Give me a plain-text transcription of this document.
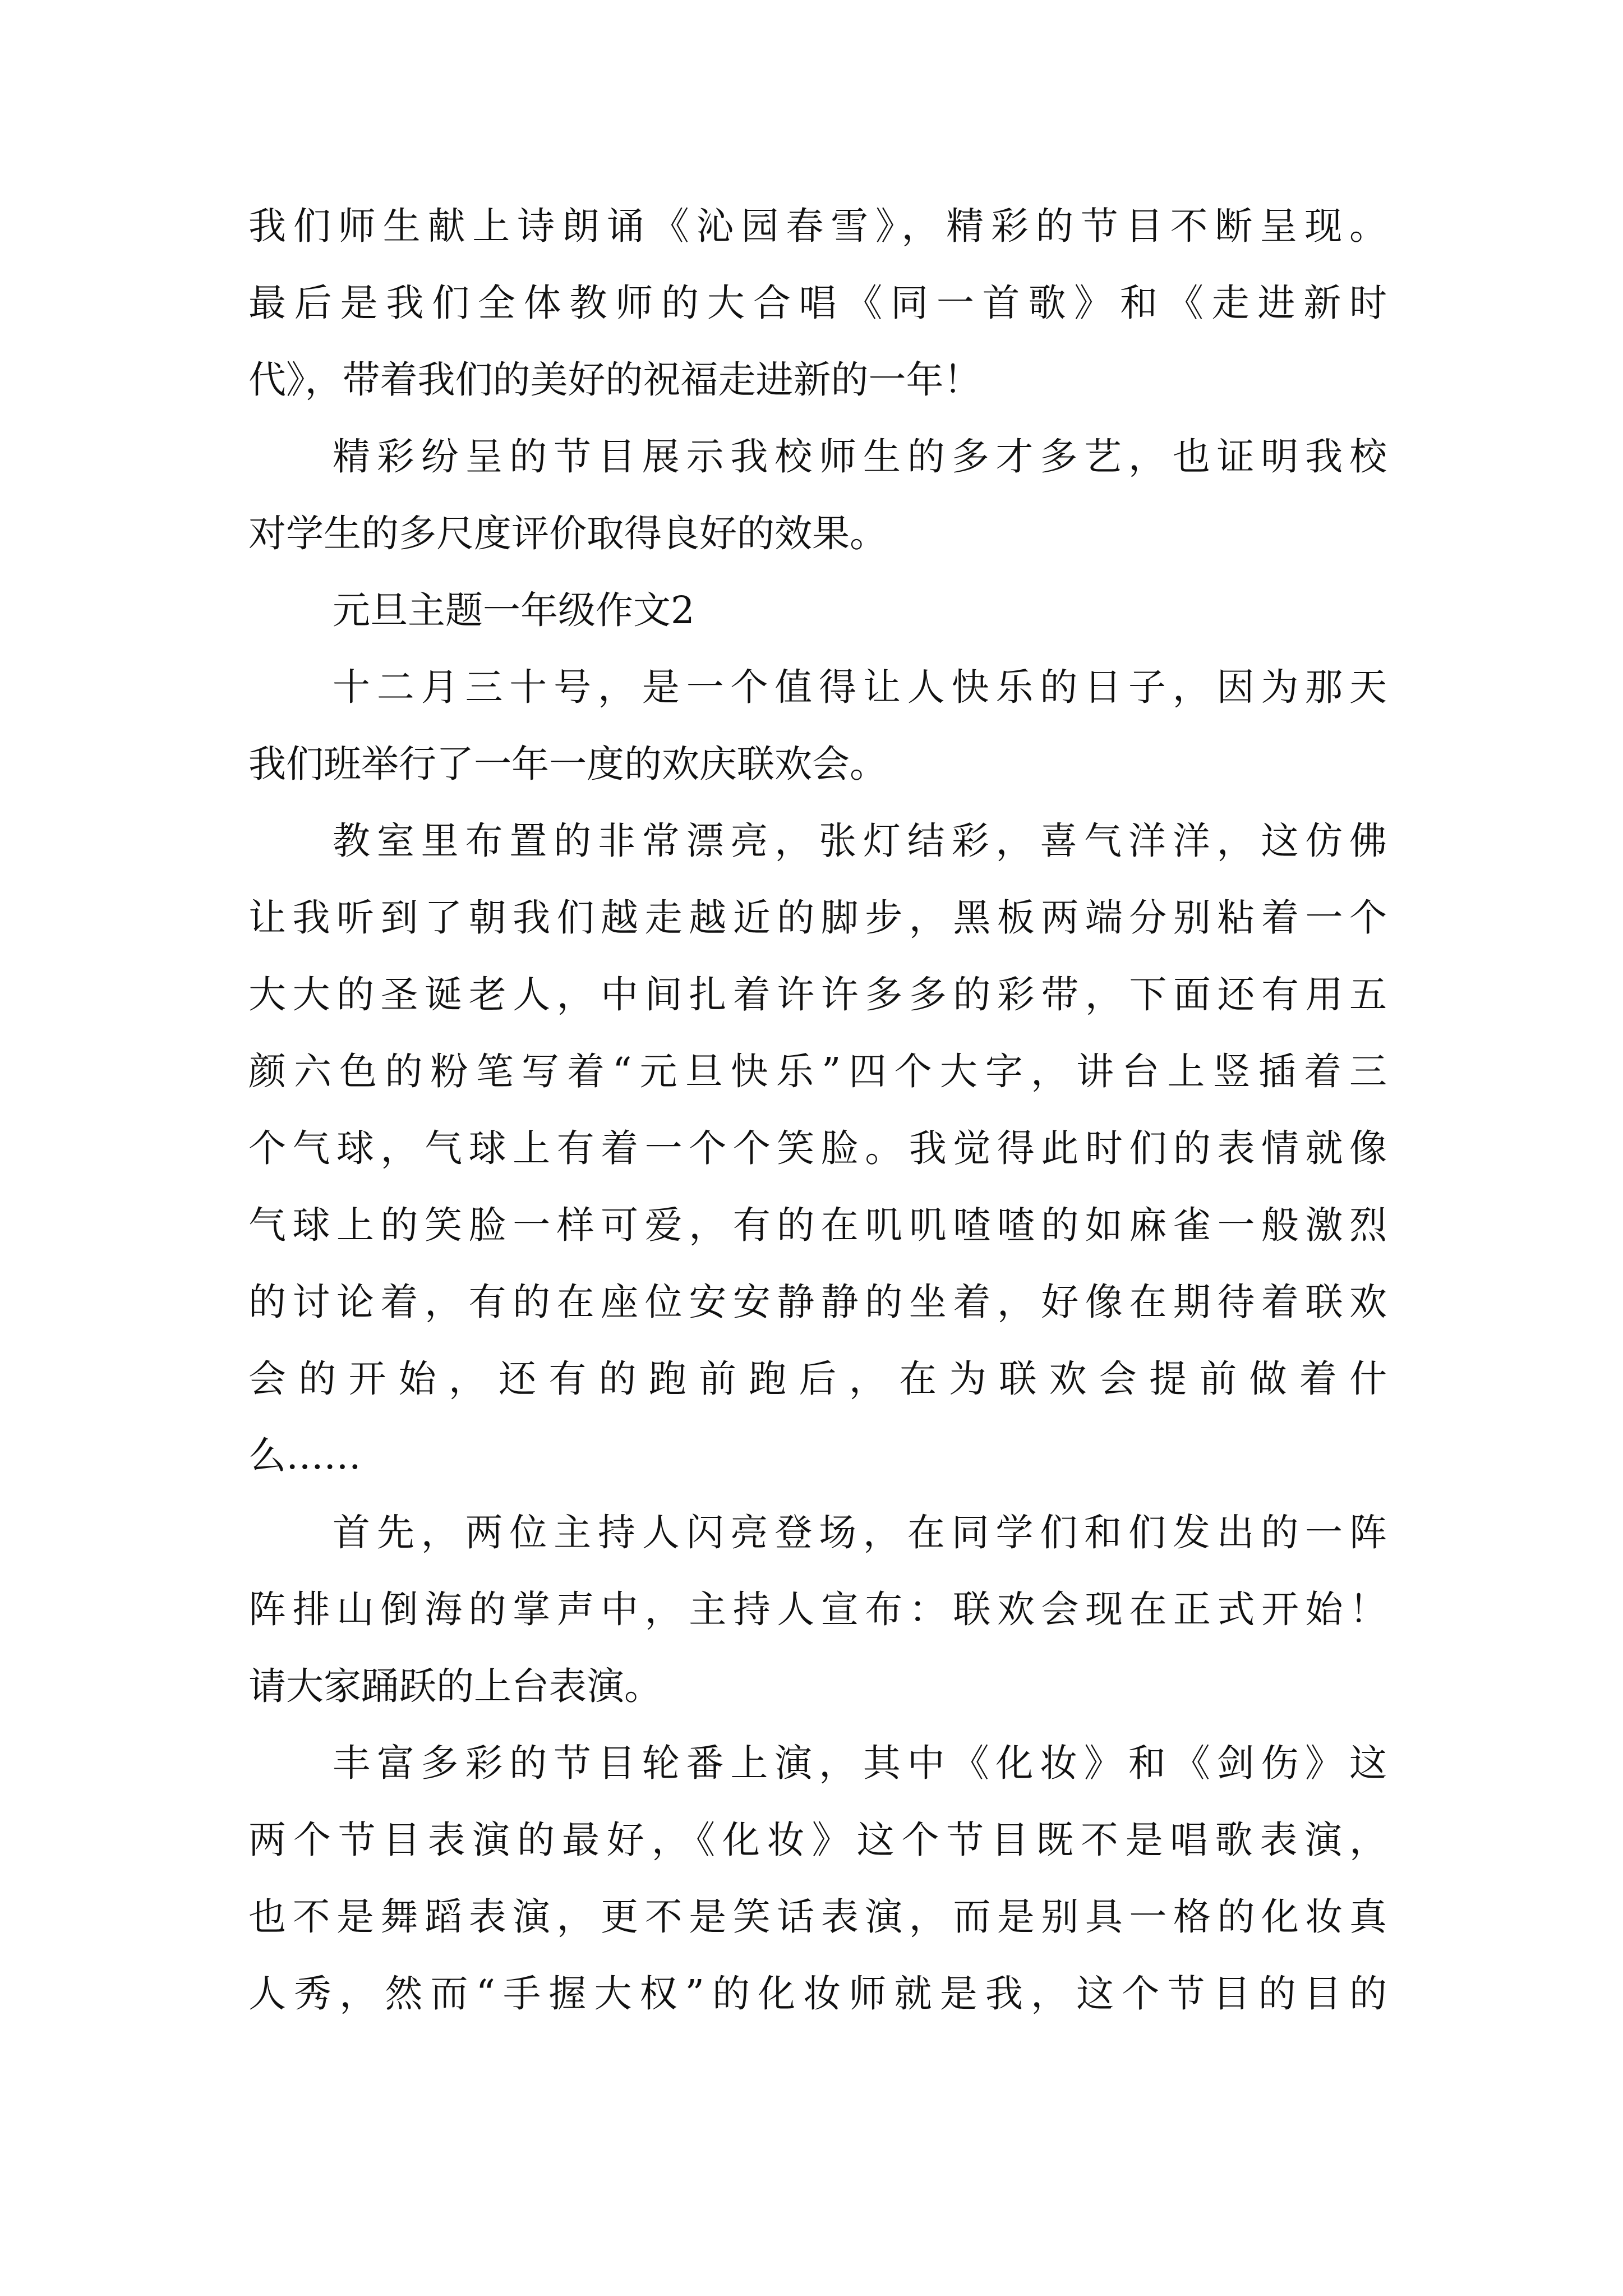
我们师生献上诗朗诵《沁园春雪》，精彩的节目不断呈现。
最后是我们全体教师的大合唱《同一首歌》和《走进新时
代》，带着我们的美好的祝福走进新的一年！
精彩纷呈的节目展示我校师生的多才多艺，也证明我校
对学生的多尺度评价取得良好的效果。
元旦主题一年级作文2
十二月三十号，是一个值得让人快乐的日子，因为那天
我们班举行了一年一度的欢庆联欢会。
教室里布置的非常漂亮，张灯结彩，喜气洋洋，这仿佛
让我听到了朝我们越走越近的脚步，黑板两端分别粘着一个
大大的圣诞老人，中间扎着许许多多的彩带，下面还有用五
颜六色的粉笔写着“元旦快乐”四个大字，讲台上竖插着三
个气球，气球上有着一个个笑脸。我觉得此时们的表情就像
气球上的笑脸一样可爱，有的在叽叽喳喳的如麻雀一般激烈
的讨论着，有的在座位安安静静的坐着，好像在期待着联欢
会的开始，还有的跑前跑后，在为联欢会提前做着什
么……
首先，两位主持人闪亮登场，在同学们和们发出的一阵
阵排山倒海的掌声中，主持人宣布：联欢会现在正式开始！
请大家踊跃的上台表演。
丰富多彩的节目轮番上演，其中《化妆》和《剑伤》这
两个节目表演的最好，《化妆》这个节目既不是唱歌表演，
也不是舞蹈表演，更不是笑话表演，而是别具一格的化妆真
人秀，然而“手握大权”的化妆师就是我，这个节目的目的
